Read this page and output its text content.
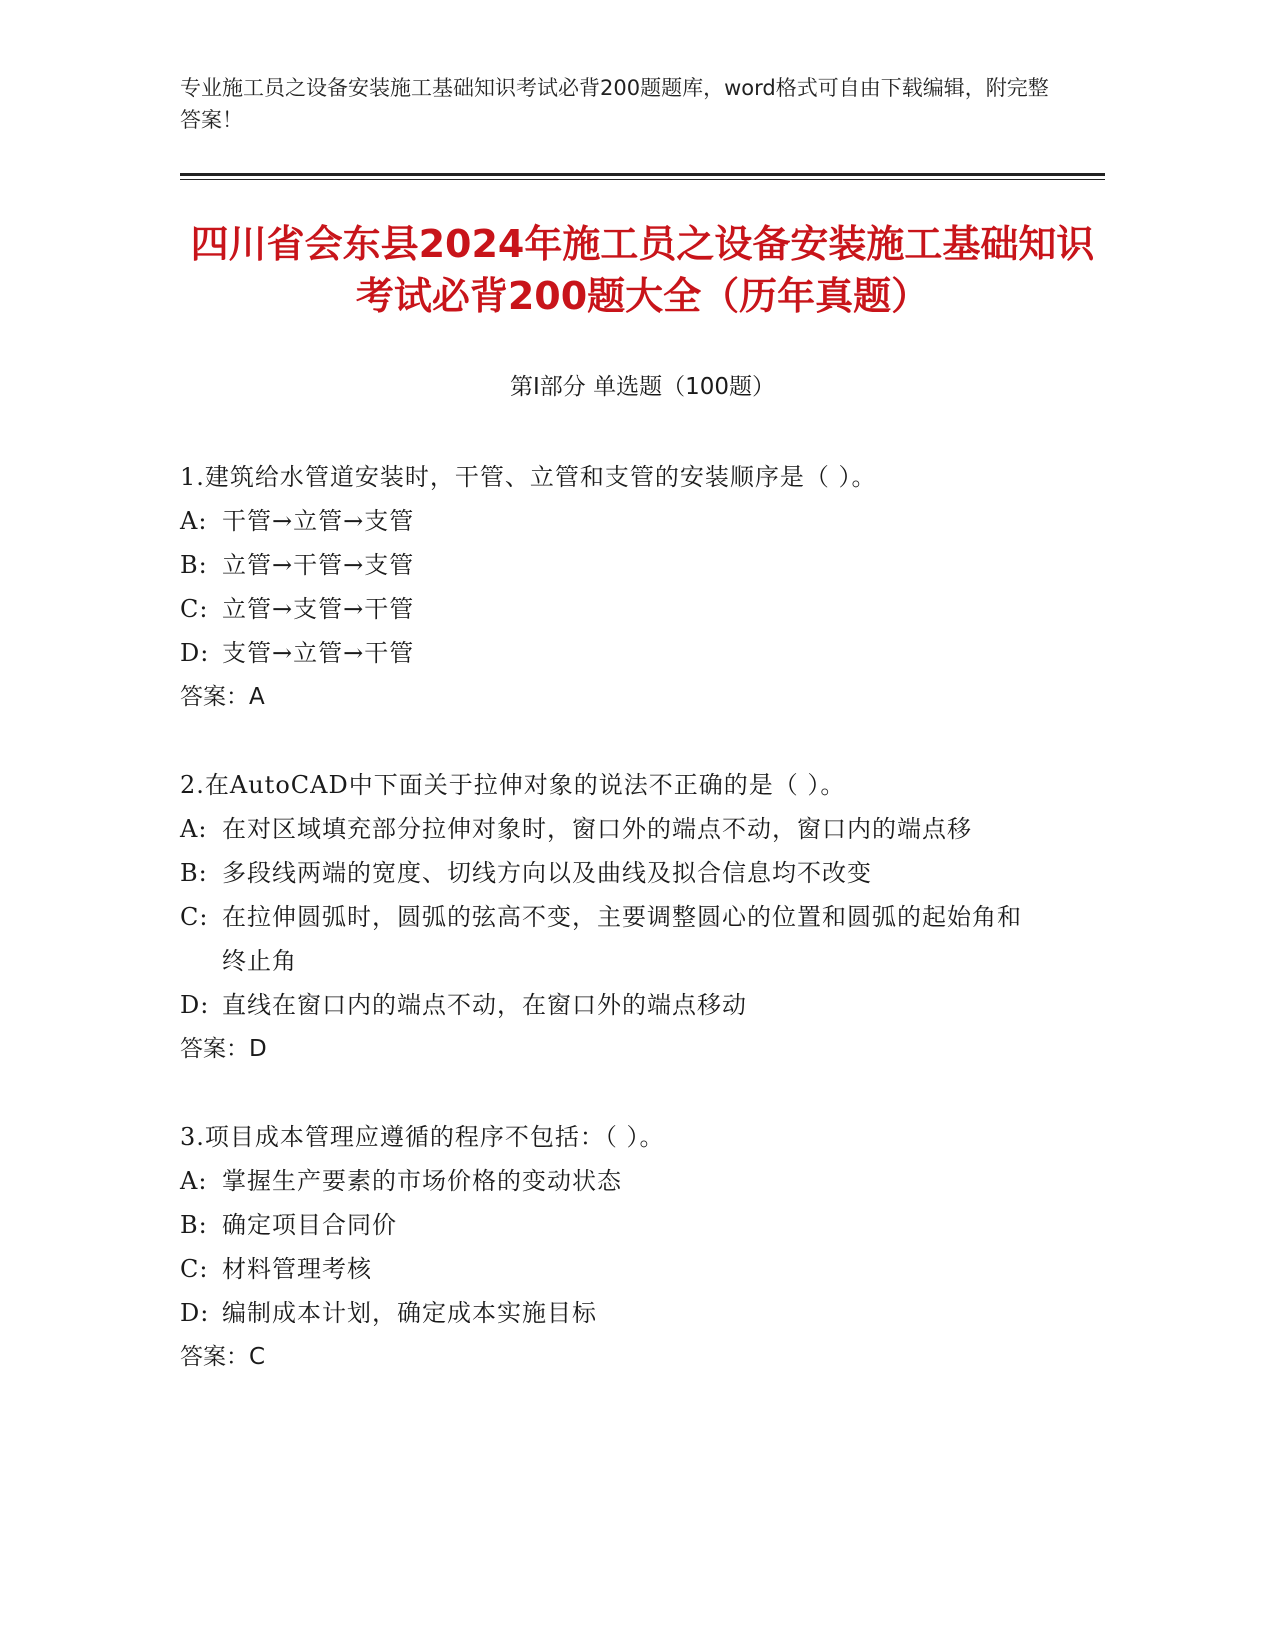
专业施工员之设备安装施工基础知识考试必背200题题库，word格式可自由下载编辑，附完整答案！
四川省会东县2024年施工员之设备安装施工基础知识考试必背200题大全（历年真题）
第Ⅰ部分 单选题（100题）
1.建筑给水管道安装时，干管、立管和支管的安装顺序是（ ）。
A: 干管→立管→支管
B: 立管→干管→支管
C: 立管→支管→干管
D: 支管→立管→干管
答案：A
2.在AutoCAD中下面关于拉伸对象的说法不正确的是（ ）。
A: 在对区域填充部分拉伸对象时，窗口外的端点不动，窗口内的端点移
B: 多段线两端的宽度、切线方向以及曲线及拟合信息均不改变
C: 在拉伸圆弧时，圆弧的弦高不变，主要调整圆心的位置和圆弧的起始角和终止角
D: 直线在窗口内的端点不动，在窗口外的端点移动
答案：D
3.项目成本管理应遵循的程序不包括：（ ）。
A: 掌握生产要素的市场价格的变动状态
B: 确定项目合同价
C: 材料管理考核
D: 编制成本计划，确定成本实施目标
答案：C
